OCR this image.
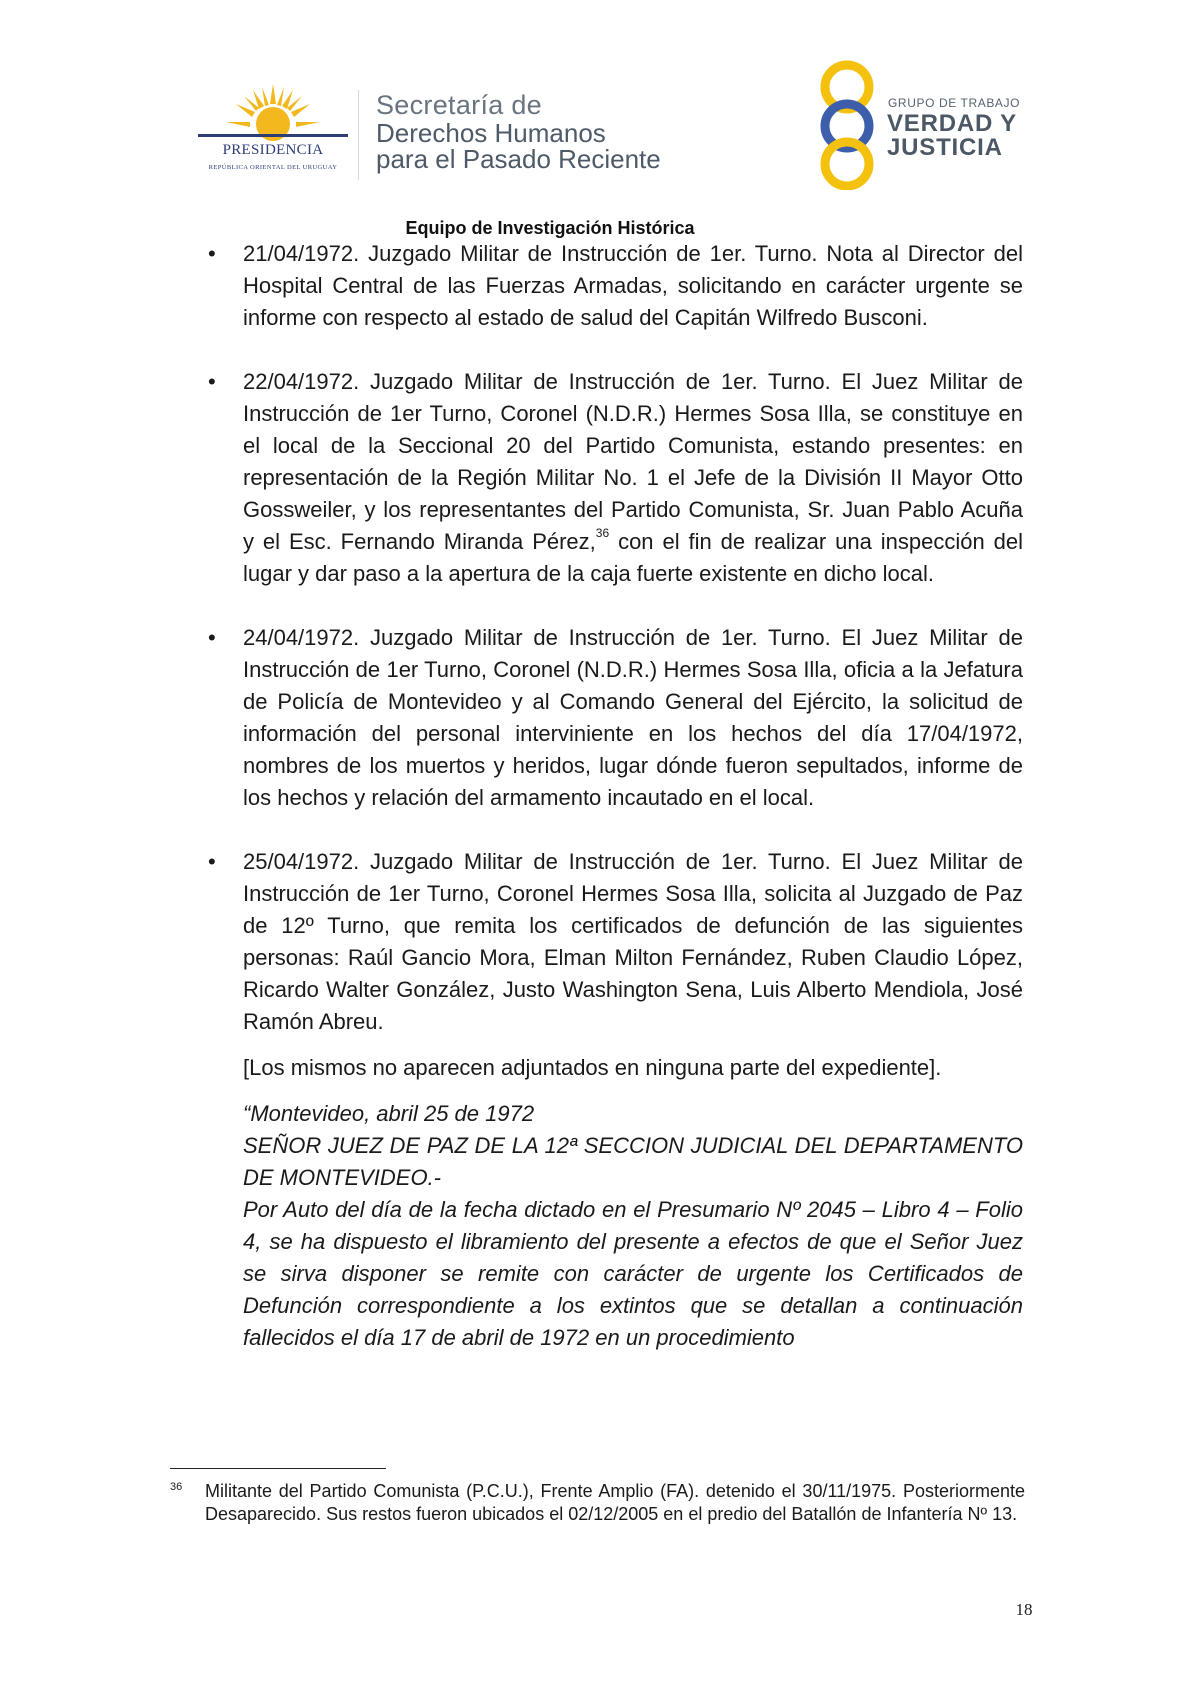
PRESIDENCIA
REPÚBLICA ORIENTAL DEL URUGUAY
Secretaría de
Derechos Humanos
para el Pasado Reciente
GRUPO DE TRABAJO
VERDAD Y
JUSTICIA
Equipo de Investigación Histórica
• 21/04/1972. Juzgado Militar de Instrucción de 1er. Turno. Nota al Director del Hospital Central de las Fuerzas Armadas, solicitando en carácter urgente se informe con respecto al estado de salud del Capitán Wilfredo Busconi.
• 22/04/1972. Juzgado Militar de Instrucción de 1er. Turno. El Juez Militar de Instrucción de 1er Turno, Coronel (N.D.R.) Hermes Sosa Illa, se constituye en el local de la Seccional 20 del Partido Comunista, estando presentes: en representación de la Región Militar No. 1 el Jefe de la División II Mayor Otto Gossweiler, y los representantes del Partido Comunista, Sr. Juan Pablo Acuña y el Esc. Fernando Miranda Pérez,$^{36}$ con el fin de realizar una inspección del lugar y dar paso a la apertura de la caja fuerte existente en dicho local.
• 24/04/1972. Juzgado Militar de Instrucción de 1er. Turno. El Juez Militar de Instrucción de 1er Turno, Coronel (N.D.R.) Hermes Sosa Illa, oficia a la Jefatura de Policía de Montevideo y al Comando General del Ejército, la solicitud de información del personal interviniente en los hechos del día 17/04/1972, nombres de los muertos y heridos, lugar dónde fueron sepultados, informe de los hechos y relación del armamento incautado en el local.
• 25/04/1972. Juzgado Militar de Instrucción de 1er. Turno. El Juez Militar de Instrucción de 1er Turno, Coronel Hermes Sosa Illa, solicita al Juzgado de Paz de 12º Turno, que remita los certificados de defunción de las siguientes personas: Raúl Gancio Mora, Elman Milton Fernández, Ruben Claudio López, Ricardo Walter González, Justo Washington Sena, Luis Alberto Mendiola, José Ramón Abreu.
[Los mismos no aparecen adjuntados en ninguna parte del expediente].

“Montevideo, abril 25 de 1972

SEÑOR JUEZ DE PAZ DE LA 12ª SECCION JUDICIAL DEL DEPARTAMENTO DE MONTEVIDEO.-

Por Auto del día de la fecha dictado en el Presumario Nº 2045 – Libro 4 – Folio 4, se ha dispuesto el libramiento del presente a efectos de que el Señor Juez se sirva disponer se remite con carácter de urgente los Certificados de Defunción correspondiente a los extintos que se detallan a continuación fallecidos el día 17 de abril de 1972 en un procedimiento

36 Militante del Partido Comunista (P.C.U.), Frente Amplio (FA). detenido el 30/11/1975. Posteriormente Desaparecido. Sus restos fueron ubicados el 02/12/2005 en el predio del Batallón de Infantería Nº 13.
18
